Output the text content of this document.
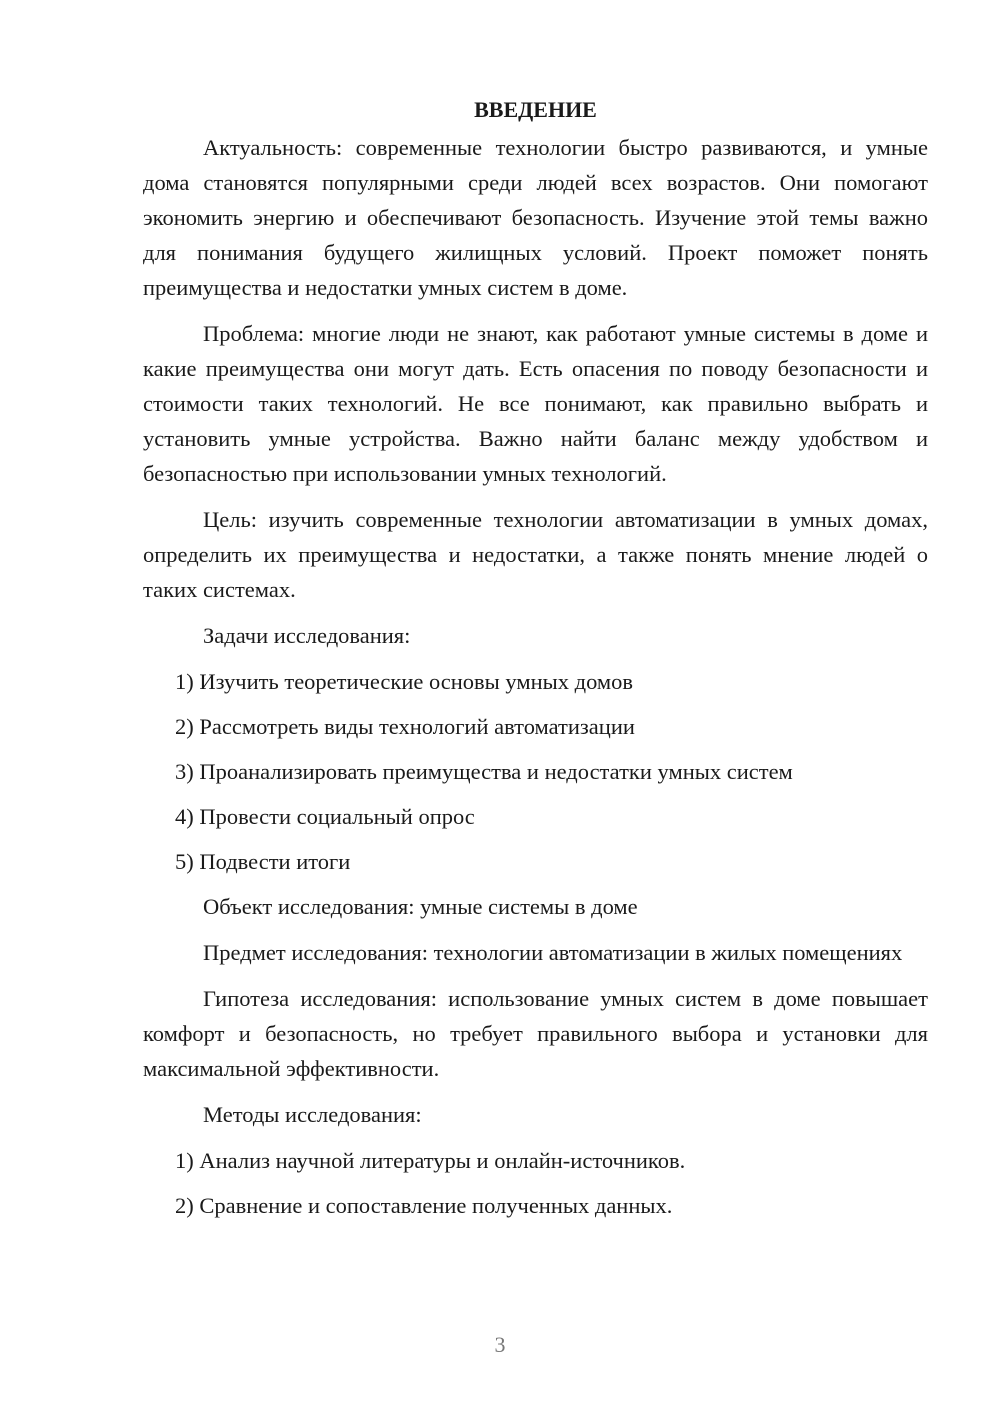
ВВЕДЕНИЕ

Актуальность: современные технологии быстро развиваются, и умные дома становятся популярными среди людей всех возрастов. Они помогают экономить энергию и обеспечивают безопасность. Изучение этой темы важно для понимания будущего жилищных условий. Проект поможет понять преимущества и недостатки умных систем в доме.

Проблема: многие люди не знают, как работают умные системы в доме и какие преимущества они могут дать. Есть опасения по поводу безопасности и стоимости таких технологий. Не все понимают, как правильно выбрать и установить умные устройства. Важно найти баланс между удобством и безопасностью при использовании умных технологий.

Цель: изучить современные технологии автоматизации в умных домах, определить их преимущества и недостатки, а также понять мнение людей о таких системах.

Задачи исследования:

1) Изучить теоретические основы умных домов
2) Рассмотреть виды технологий автоматизации
3) Проанализировать преимущества и недостатки умных систем
4) Провести социальный опрос
5) Подвести итоги

Объект исследования: умные системы в доме

Предмет исследования: технологии автоматизации в жилых помещениях

Гипотеза исследования: использование умных систем в доме повышает комфорт и безопасность, но требует правильного выбора и установки для максимальной эффективности.

Методы исследования:

1) Анализ научной литературы и онлайн-источников.
2) Сравнение и сопоставление полученных данных.
3
